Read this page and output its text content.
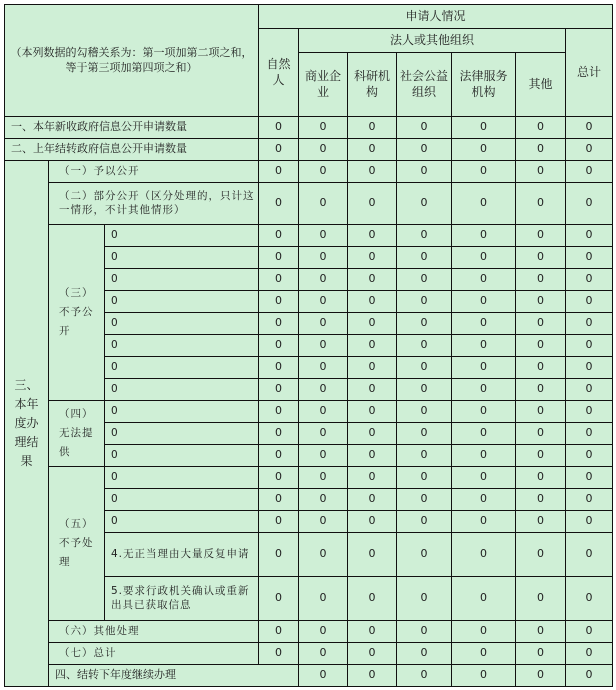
（本列数据的勾稽关系为：第一项加第二项之和，等于第三项加第四项之和）			申请人情况							
			自然人	法人或其他组织					总计	
				商业企业	科研机构	社会公益组织	法律服务机构	其他		
一、本年新收政府信息公开申请数量			0	0	0	0	0	0	0	
二、上年结转政府信息公开申请数量			0	0	0	0	0	0	0	
三、本年度办理结果	（一）予以公开		0	0	0	0	0	0	0	
	（二）部分公开（区分处理的，只计这一情形，不计其他情形）		0	0	0	0	0	0	0	
	（三）不予公开	0	0	0	0	0	0	0	0	
		0	0	0	0	0	0	0	0	
		0	0	0	0	0	0	0	0	
		0	0	0	0	0	0	0	0	
		0	0	0	0	0	0	0	0	
		0	0	0	0	0	0	0	0	
		0	0	0	0	0	0	0	0	
		0	0	0	0	0	0	0	0	
	（四）无法提供	0	0	0	0	0	0	0	0	
		0	0	0	0	0	0	0	0	
		0	0	0	0	0	0	0	0	
	（五）不予处理	0	0	0	0	0	0	0	0	
		0	0	0	0	0	0	0	0	
		0	0	0	0	0	0	0	0	
		4.无正当理由大量反复申请	0	0	0	0	0	0	0	
		5.要求行政机关确认或重新出具已获取信息	0	0	0	0	0	0	0	
	（六）其他处理		0	0	0	0	0	0	0	
	（七）总计		0	0	0	0	0	0	0	
	四、结转下年度继续办理			0	0	0	0	0	0	
